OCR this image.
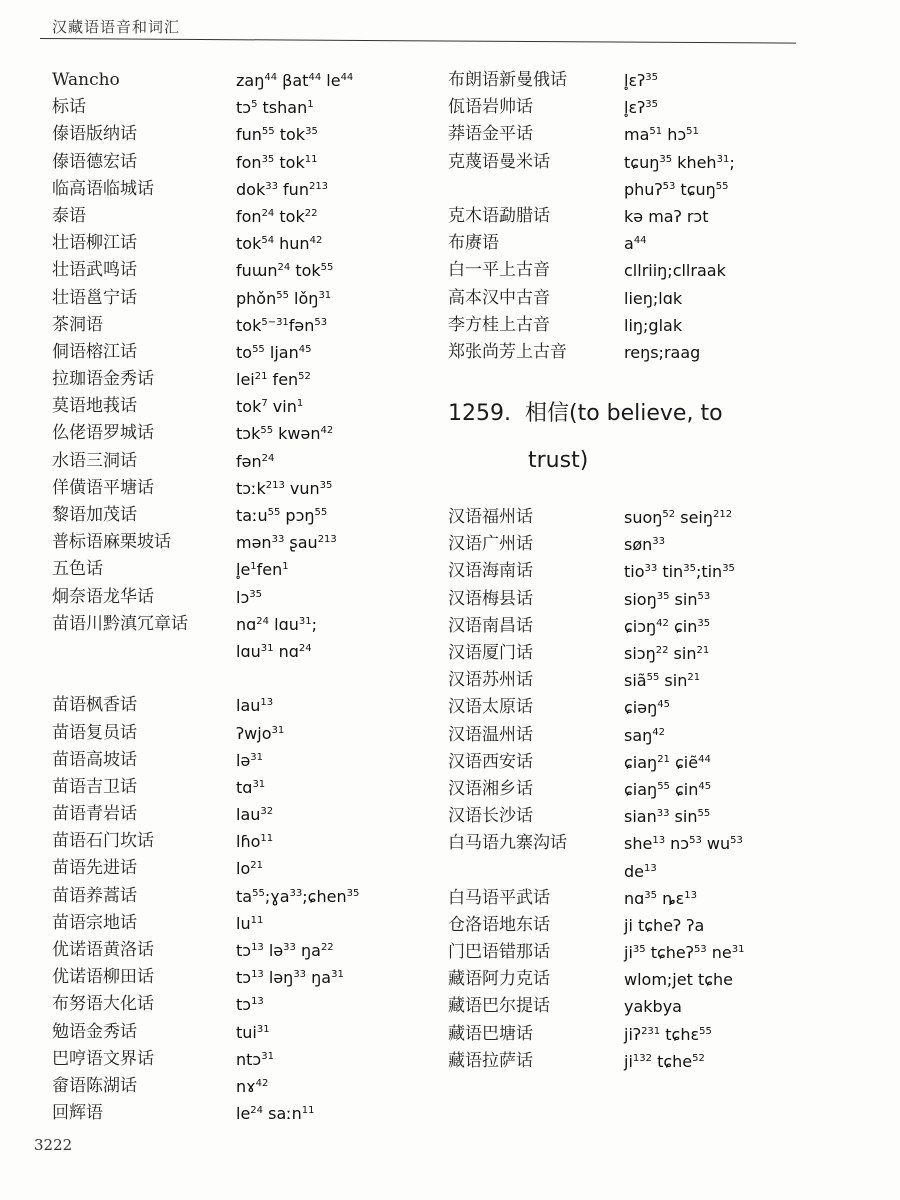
汉藏语语音和词汇
Wancho	zaŋ$^{44}$ βat$^{44}$ $le^{44}$
标话	tɔ$^5$ tshan$^1$
傣语版纳话	fun$^{55}$ tok$^{35}$
傣语德宏话	fon$^{35}$ tok$^{11}$
临高语临城话	dok$^{33}$ fun$^{213}$
泰语	fon$^{24}$ tok$^{22}$
壮语柳江话	tok$^{54}$ hun$^{42}$
壮语武鸣话	fuɯn$^{24}$ tok$^{55}$
壮语邕宁话	phǒn$^{55}$ lǒŋ$^{31}$
茶洞语	tok$^{5-31}$fən$^{53}$
侗语榕江话	$to^{55}$ ljan$^{45}$
拉珈语金秀话	lei$^{21}$ fen$^{52}$
莫语地莪话	tok$^7$ vin$^1$
仫佬语罗城话	tɔk$^{55}$ kwən$^{42}$
水语三洞话	fən$^{24}$
佯僙语平塘话	tɔːk$^{213}$ vun$^{35}$
黎语加茂话	taːu$^{55}$ pɔŋ$^{55}$
普标语麻栗坡话	mən$^{33}$ ʂau$^{213}$
五色话	$l̥e^1fen^1$
炯奈语龙华话	lɔ$^{35}$
苗语川黔滇冗章话	nɑ$^{24}$ lɑu$^{31}$;
lɑu$^{31}$ nɑ$^{24}$
苗语枫香话	lau$^{13}$
苗语复员话	ʔwjo$^{31}$
苗语高坡话	lə$^{31}$
苗语吉卫话	tɑ$^{31}$
苗语青岩话	lau$^{32}$
苗语石门坎话	lɦo$^{11}$
苗语先进话	$lo^{21}$
苗语养蒿话	$ta^{55};ɣa^{33};ɕhen^{35}$
苗语宗地话	$lu^{11}$
优诺语黄洛话	tɔ$^{13}$ lə$^{33}$ $ŋa^{22}$
优诺语柳田话	tɔ$^{13}$ ləŋ$^{33}$ $ŋa^{31}$
布努语大化话	tɔ$^{13}$
勉语金秀话	tui$^{31}$
巴哼语文界话	ntɔ$^{31}$
畲语陈湖话	nɤ$^{42}$
回辉语	$le^{24}$ saːn$^{11}$
布朗语新曼俄话	l̥ɛʔ$^{35}$
佤语岩帅话	l̥ɛʔ$^{35}$
莽语金平话	$ma^{51}$ hɔ$^{51}$
克蔑语曼米话	tɕuŋ$^{35}$ kheh$^{31}$;
phuʔ$^{53}$ tɕuŋ$^{55}$
克木语勐腊话	kə maʔ rɔt
布赓语	$a^{44}$
白一平上古音	cllriiŋ;cllraak
高本汉中古音	lieŋ;lɑk
李方桂上古音	liŋ;glak
郑张尚芳上古音	reŋs;raag
1259. 相信(to believe, to
trust)
汉语福州话	suoŋ$^{52}$ seiŋ$^{212}$
汉语广州话	søn$^{33}$
汉语海南话	tio$^{33}$ tin$^{35}$;tin$^{35}$
汉语梅县话	sioŋ$^{35}$ $\sin^{53}$
汉语南昌话	ɕiɔŋ$^{42}$ ɕin$^{35}$
汉语厦门话	siɔŋ$^{22}$ $\sin^{21}$
汉语苏州话	siã$^{55}$ $\sin^{21}$
汉语太原话	ɕiəŋ$^{45}$
汉语温州话	saŋ$^{42}$
汉语西安话	ɕiaŋ$^{21}$ ɕiẽ$^{44}$
汉语湘乡话	ɕiaŋ$^{55}$ ɕin$^{45}$
汉语长沙话	sian$^{33}$ $\sin^{55}$
白马语九寨沟话	she$^{13}$ nɔ$^{53}$ $wu^{53}$
$de^{13}$
白马语平武话	nɑ$^{35}$ ȵɛ$^{13}$
仓洛语地东话	ji tɕheʔ ʔa
门巴语错那话	$ji^{35}$ tɕheʔ$^{53}$ $ne^{31}$
藏语阿力克话	wlom;jet tɕhe
藏语巴尔提话	yakbya
藏语巴塘话	jiʔ$^{231}$ tɕhɛ$^{55}$
藏语拉萨话	$ji^{132}$ tɕhe$^{52}$
3222
